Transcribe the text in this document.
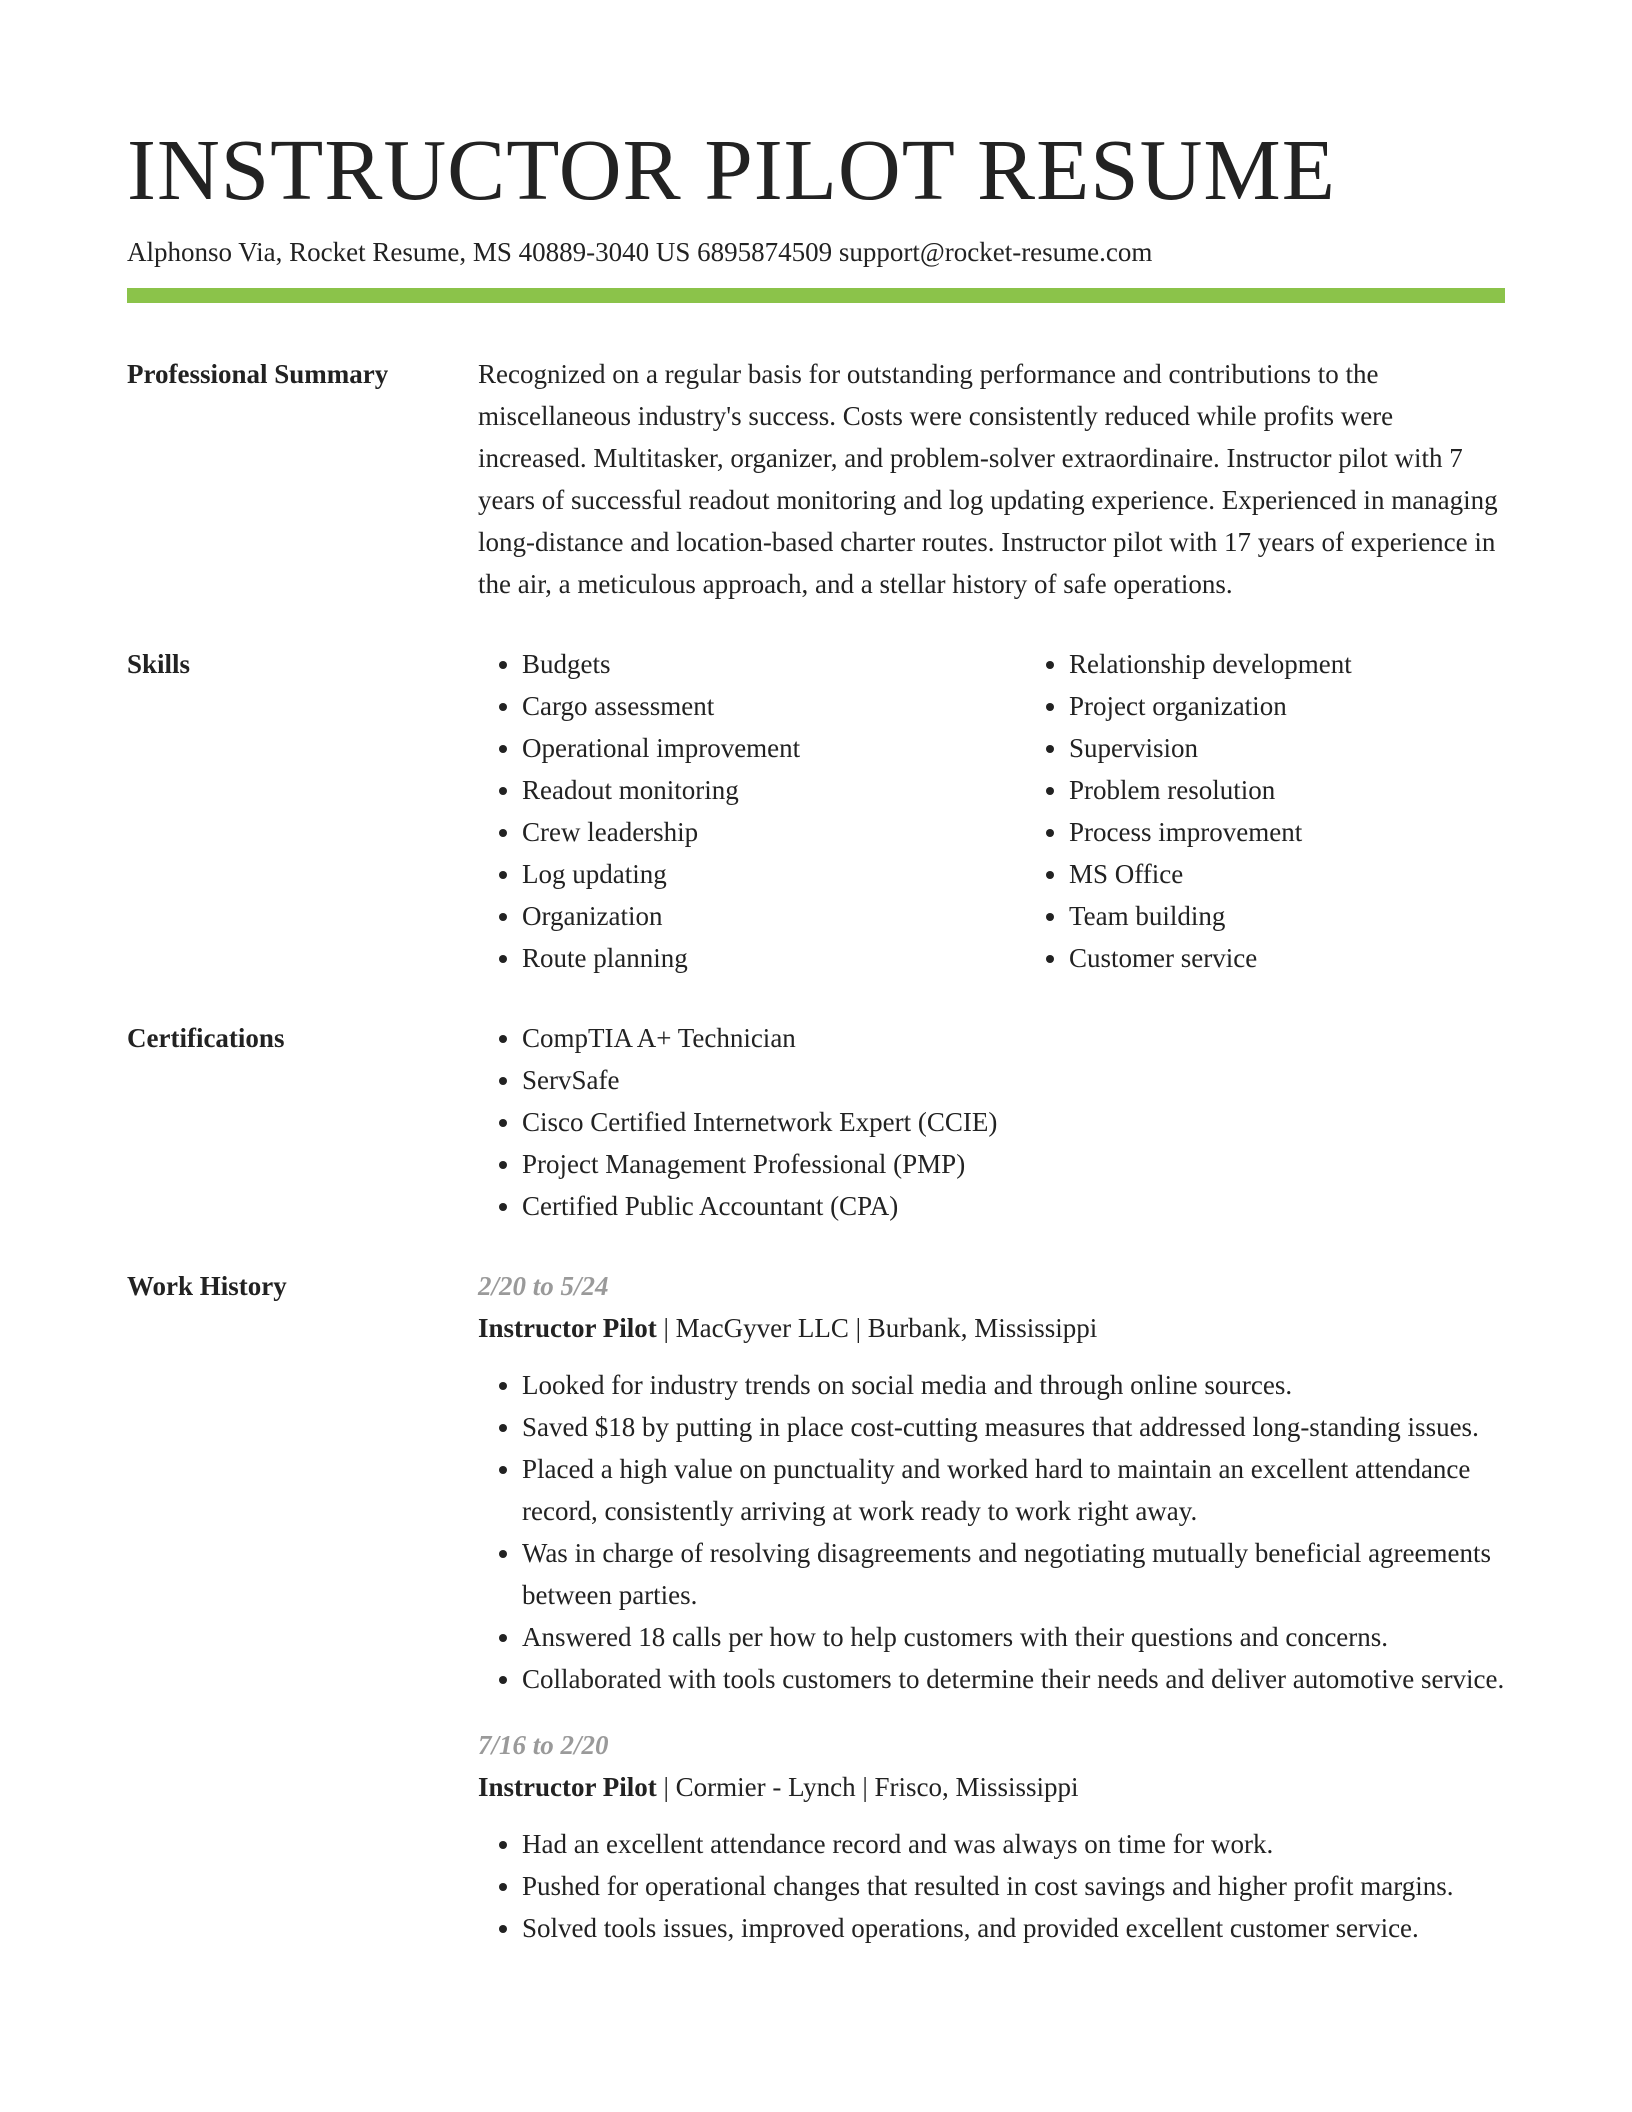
INSTRUCTOR PILOT RESUME
Alphonso Via, Rocket Resume, MS 40889-3040 US 6895874509 support@rocket-resume.com
Professional Summary	Recognized on a regular basis for outstanding performance and contributions to the miscellaneous industry's success. Costs were consistently reduced while profits were increased. Multitasker, organizer, and problem-solver extraordinaire. Instructor pilot with 7 years of successful readout monitoring and log updating experience. Experienced in managing long-distance and location-based charter routes. Instructor pilot with 17 years of experience in the air, a meticulous approach, and a stellar history of safe operations.

Skills	• Budgets
• Cargo assessment
• Operational improvement
• Readout monitoring
• Crew leadership
• Log updating
• Organization
• Route planning
• Relationship development
• Project organization
• Supervision
• Problem resolution
• Process improvement
• MS Office
• Team building
• Customer service
Certifications	• CompTIA A+ Technician
• ServSafe
• Cisco Certified Internetwork Expert (CCIE)
• Project Management Professional (PMP)
• Certified Public Accountant (CPA)
Work History	2/20 to 5/24
Instructor Pilot | MacGyver LLC | Burbank, Mississippi
• Looked for industry trends on social media and through online sources.
• Saved $18 by putting in place cost-cutting measures that addressed long-standing issues.
• Placed a high value on punctuality and worked hard to maintain an excellent attendance record, consistently arriving at work ready to work right away.
• Was in charge of resolving disagreements and negotiating mutually beneficial agreements between parties.
• Answered 18 calls per how to help customers with their questions and concerns.
• Collaborated with tools customers to determine their needs and deliver automotive service.
7/16 to 2/20
Instructor Pilot | Cormier - Lynch | Frisco, Mississippi
• Had an excellent attendance record and was always on time for work.
• Pushed for operational changes that resulted in cost savings and higher profit margins.
• Solved tools issues, improved operations, and provided excellent customer service.
